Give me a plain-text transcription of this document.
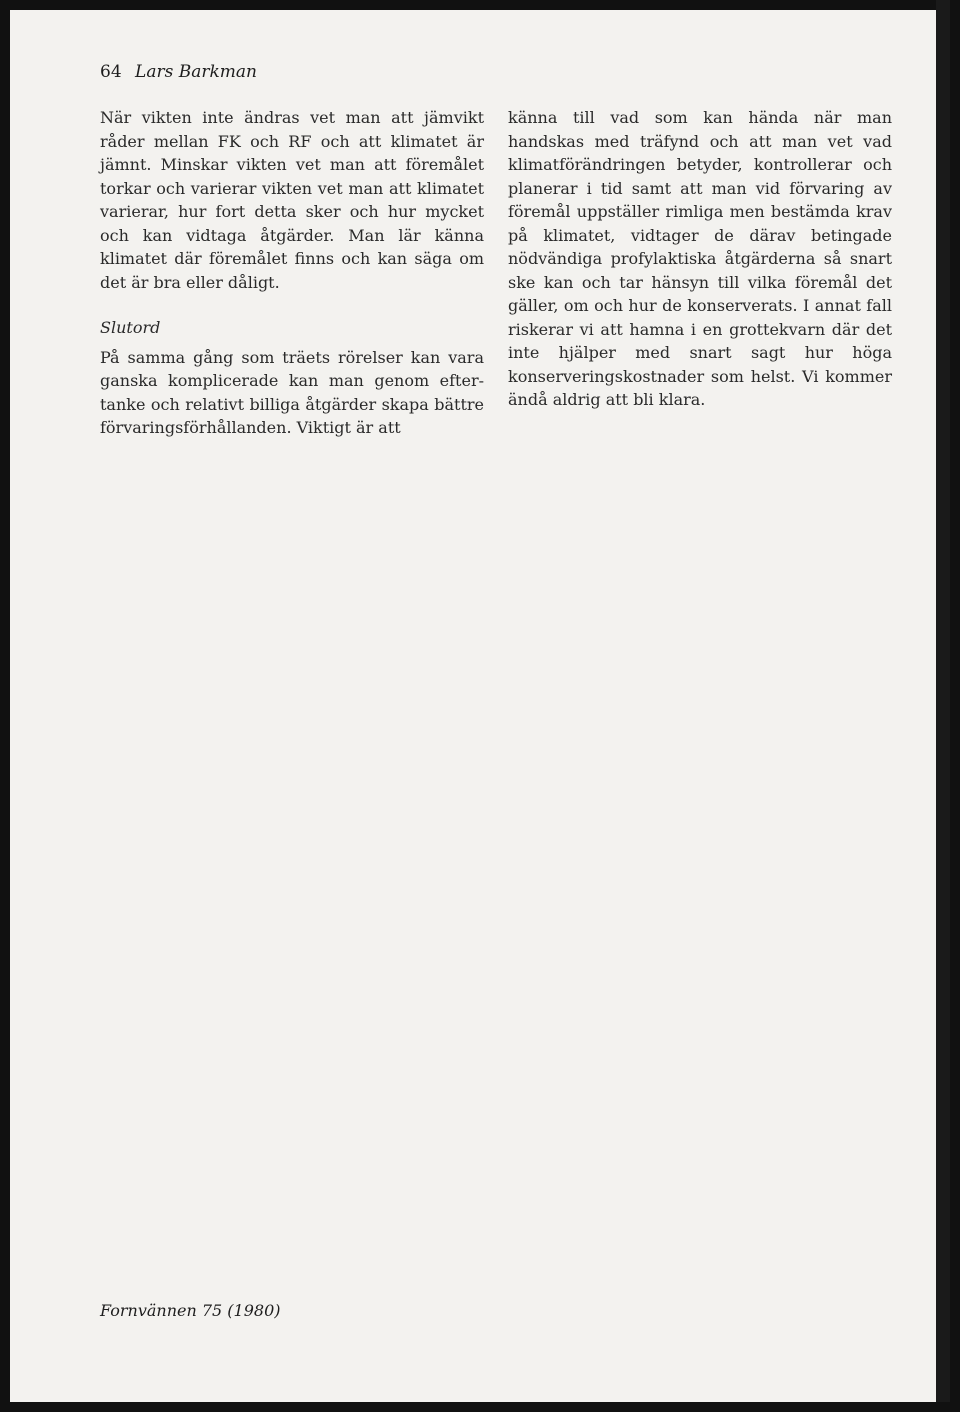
64 Lars Barkman

När vikten inte ändras vet man att jämvikt råder mellan FK och RF och att klimatet är jämnt. Minskar vikten vet man att föremålet torkar och varierar vikten vet man att klimatet varierar, hur fort detta sker och hur mycket och kan vidtaga åtgärder. Man lär känna klimatet där föremålet finns och kan säga om det är bra eller dåligt.

Slutord

På samma gång som träets rörelser kan vara ganska komplicerade kan man genom eftertanke och relativt billiga åtgärder skapa bättre förvaringsförhållanden. Viktigt är att

känna till vad som kan hända när man handskas med träfynd och att man vet vad klimatförändringen betyder, kontrollerar och planerar i tid samt att man vid förvaring av föremål uppställer rimliga men bestämda krav på klimatet, vidtager de därav betingade nödvändiga profylaktiska åtgärderna så snart ske kan och tar hänsyn till vilka föremål det gäller, om och hur de konserverats. I annat fall riskerar vi att hamna i en grottekvarn där det inte hjälper med snart sagt hur höga konserveringskostnader som helst. Vi kommer ändå aldrig att bli klara.

Fornvännen 75 (1980)
